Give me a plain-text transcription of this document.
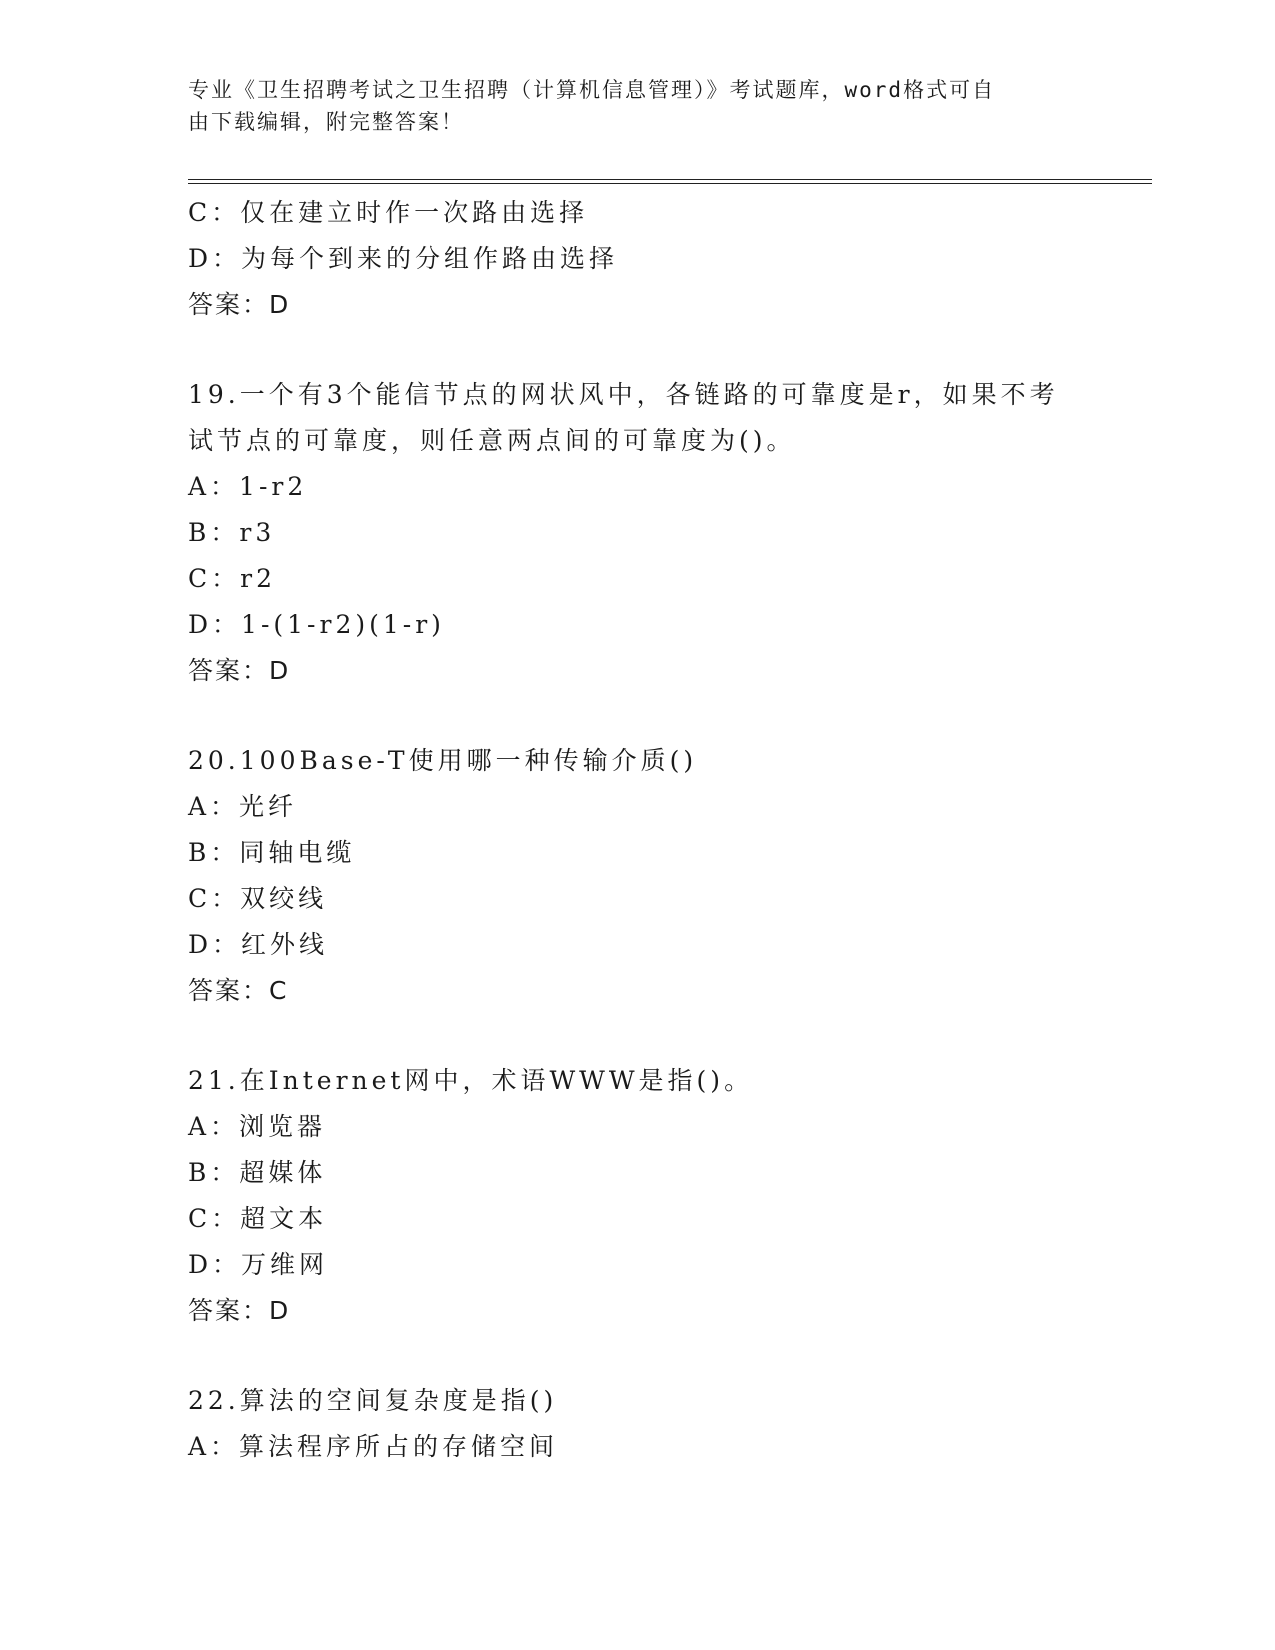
专业《卫生招聘考试之卫生招聘（计算机信息管理）》考试题库，word格式可自
由下载编辑，附完整答案！
C：仅在建立时作一次路由选择
D：为每个到来的分组作路由选择
答案：D
19.一个有3个能信节点的网状风中，各链路的可靠度是r，如果不考
试节点的可靠度，则任意两点间的可靠度为()。
A：1-r2
B：r3
C：r2
D：1-(1-r2)(1-r)
答案：D
20.100Base-T使用哪一种传输介质()
A：光纤
B：同轴电缆
C：双绞线
D：红外线
答案：C
21.在Internet网中，术语WWW是指()。
A：浏览器
B：超媒体
C：超文本
D：万维网
答案：D
22.算法的空间复杂度是指()
A：算法程序所占的存储空间
